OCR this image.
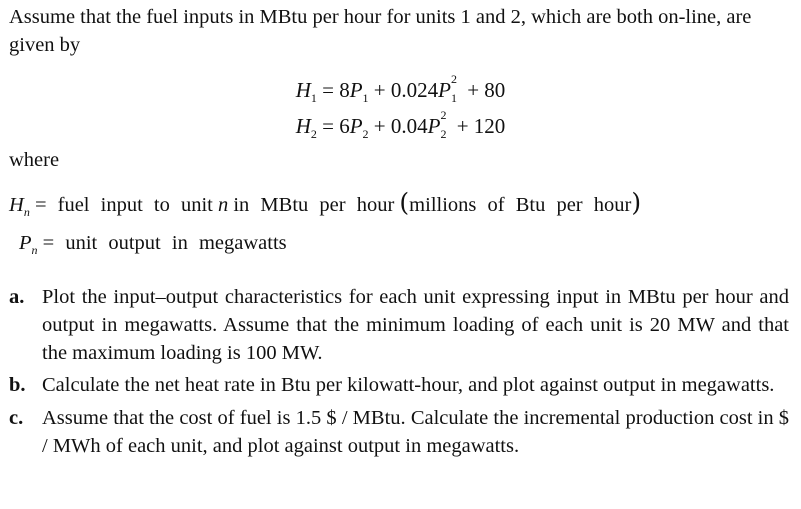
Assume that the fuel inputs in MBtu per hour for units 1 and 2, which are both on-line, are given by
$H_1 = 8P_1 + 0.024P$ 2
1 + 80
$H_2 = 6P_2 + 0.04P$ 2
2 + 120
where
$H_n$ = fuel input to unit n in MBtu per hour (millions of Btu per hour)
$P_n$ = unit output in megawatts
a. Plot the input–output characteristics for each unit expressing input in MBtu per hour and output in megawatts. Assume that the minimum loading of each unit is 20 MW and that the maximum loading is 100 MW.
b. Calculate the net heat rate in Btu per kilowatt-hour, and plot against output in megawatts.
c. Assume that the cost of fuel is 1.5 $ / MBtu. Calculate the incremental production cost in $ / MWh of each unit, and plot against output in megawatts.
